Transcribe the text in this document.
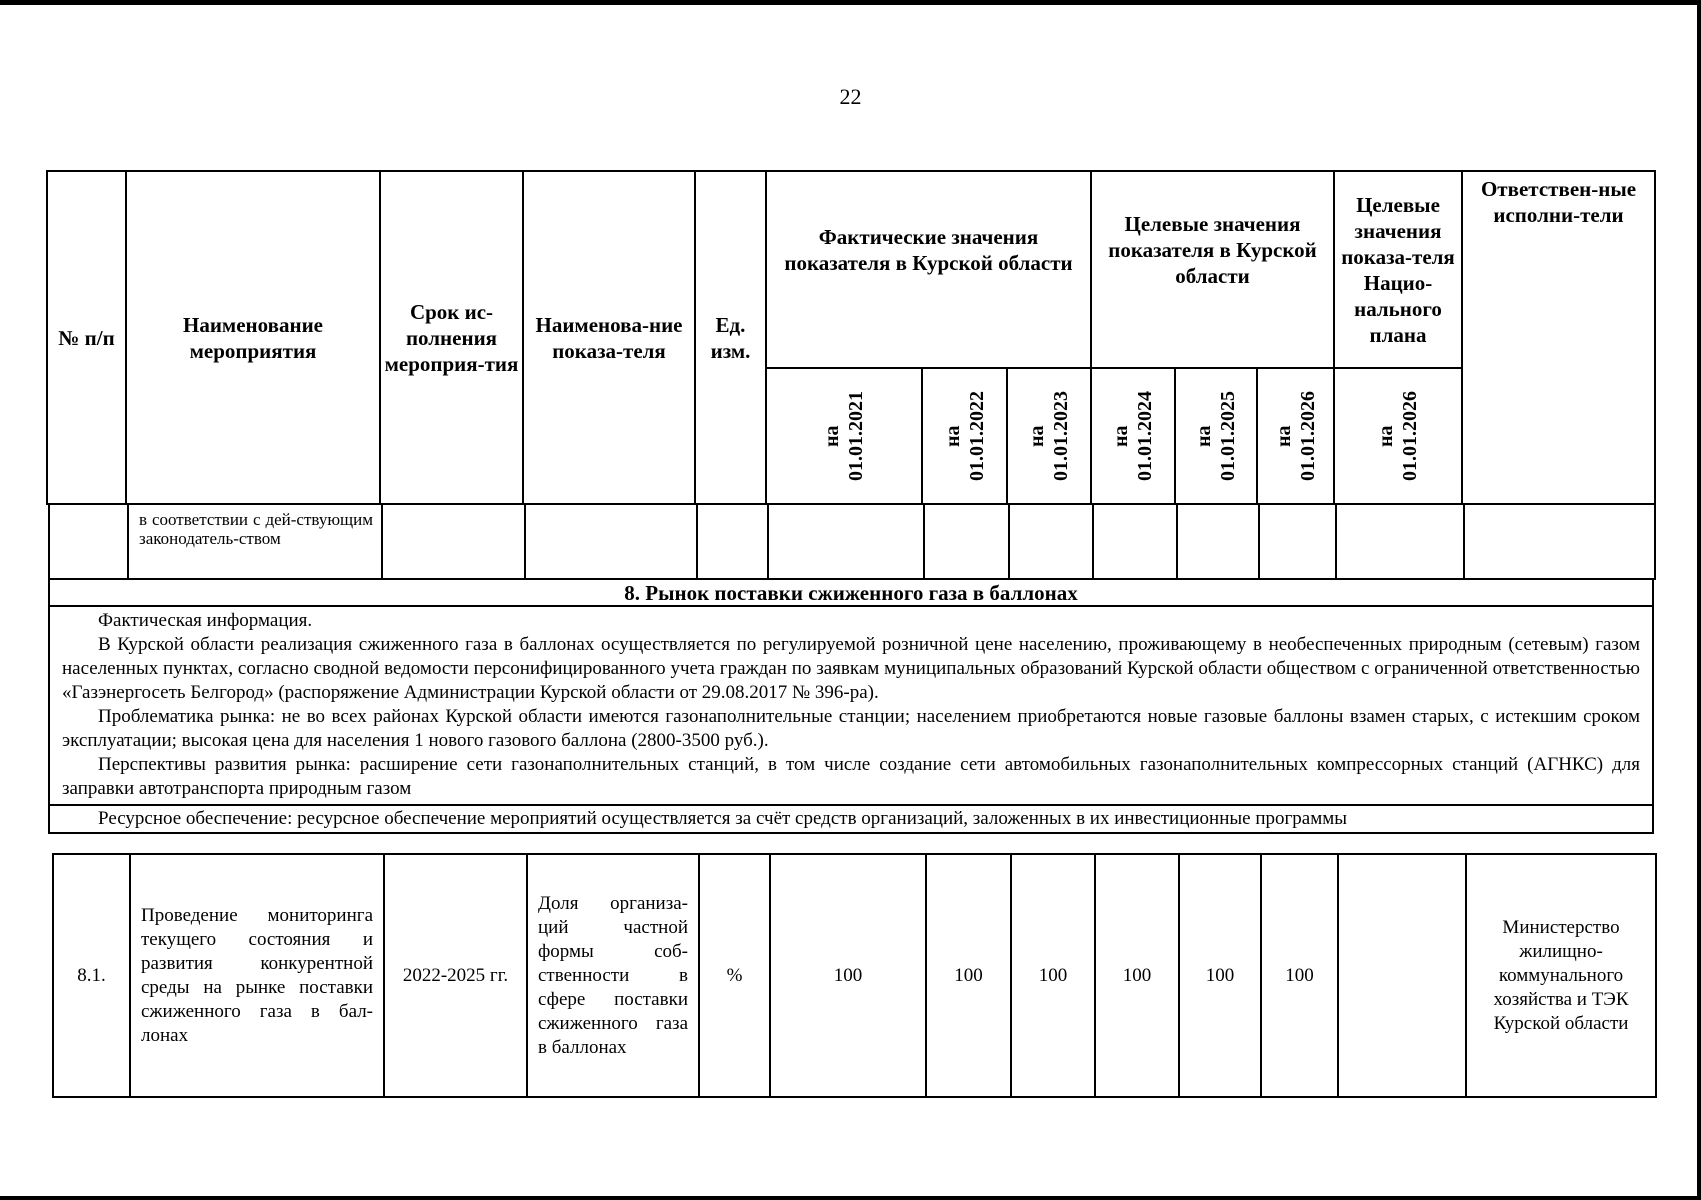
22
№ п/п	Наименование мероприятия	Срок ис-полнения мероприя-тия	Наименова-ние показа-теля	Ед. изм.	Фактические значения показателя в Курской области			Целевые значения показателя в Курской области			Целевые значения показа-теля Нацио-нального плана	Ответствен-ные исполни-тели

					на 01.01.2021	на 01.01.2022	на 01.01.2023	на 01.01.2024	на 01.01.2025	на 01.01.2026	на 01.01.2026	
	в соответствии с дей-ствующим законодатель-ством											
8. Рынок поставки сжиженного газа в баллонах

Фактическая информация.

В Курской области реализация сжиженного газа в баллонах осуществляется по регулируемой розничной цене населению, проживающему в необеспеченных природным (сетевым) газом населенных пунктах, согласно сводной ведомости персонифицированного учета граждан по заявкам муниципальных образований Курской области обществом с ограниченной ответственностью «Газэнергосеть Белгород» (распоряжение Администрации Курской области от 29.08.2017 № 396-ра).

Проблематика рынка: не во всех районах Курской области имеются газонаполнительные станции; населением приобретаются новые газовые баллоны взамен старых, с истекшим сроком эксплуатации; высокая цена для населения 1 нового газового баллона (2800-3500 руб.).

Перспективы развития рынка: расширение сети газонаполнительных станций, в том числе создание сети автомобильных газонаполнительных компрессорных станций (АГНКС) для заправки автотранспорта природным газом

Ресурсное обеспечение: ресурсное обеспечение мероприятий осуществляется за счёт средств организаций, заложенных в их инвестиционные программы

8.1.	Проведение мониторинга текущего состояния и развития конкурентной среды на рынке поставки сжиженного газа в бал-лонах	2022-2025 гг.	Доля организа-ций частной формы соб-ственности в сфере поставки сжиженного газа в баллонах	%	100	100	100	100	100	100		Министерство жилищно-коммунального хозяйства и ТЭК Курской области
